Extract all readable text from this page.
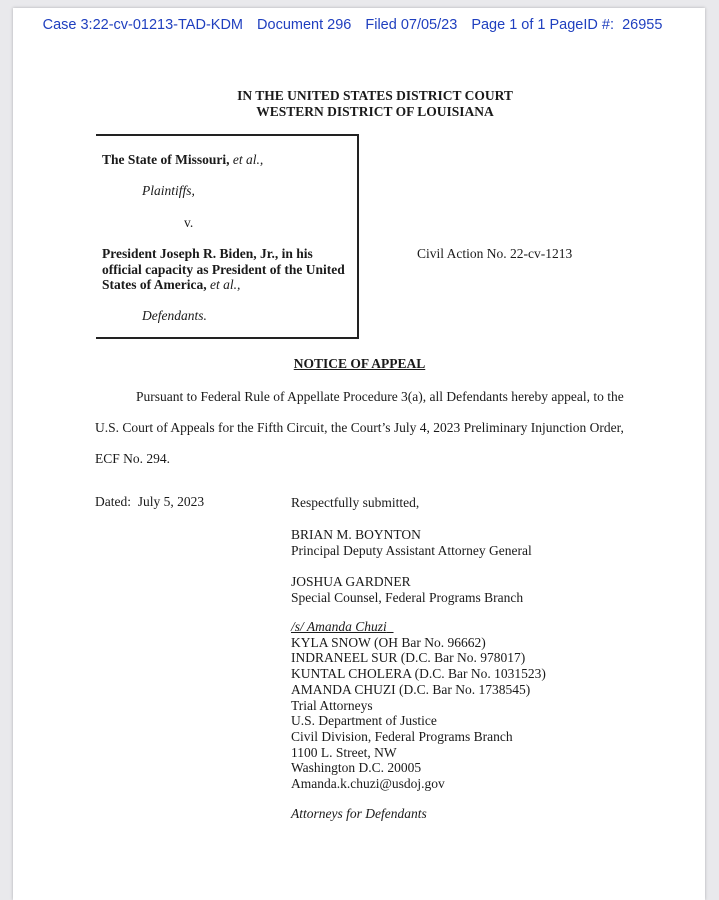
Case 3:22-cv-01213-TAD-KDM Document 296 Filed 07/05/23 Page 1 of 1 PageID #: 26955
IN THE UNITED STATES DISTRICT COURT
WESTERN DISTRICT OF LOUISIANA
The State of Missouri, et al.,
Plaintiffs,
v.
President Joseph R. Biden, Jr., in his
official capacity as President of the United
States of America, et al.,
Defendants.
Civil Action No. 22-cv-1213
NOTICE OF APPEAL
Pursuant to Federal Rule of Appellate Procedure 3(a), all Defendants hereby appeal, to the
U.S. Court of Appeals for the Fifth Circuit, the Court’s July 4, 2023 Preliminary Injunction Order,
ECF No. 294.
Dated:  July 5, 2023	Respectfully submitted,
BRIAN M. BOYNTON
Principal Deputy Assistant Attorney General
JOSHUA GARDNER
Special Counsel, Federal Programs Branch
/s/ Amanda Chuzi
KYLA SNOW (OH Bar No. 96662)
INDRANEEL SUR (D.C. Bar No. 978017)
KUNTAL CHOLERA (D.C. Bar No. 1031523)
AMANDA CHUZI (D.C. Bar No. 1738545)
Trial Attorneys
U.S. Department of Justice
Civil Division, Federal Programs Branch
1100 L. Street, NW
Washington D.C. 20005
Amanda.k.chuzi@usdoj.gov
Attorneys for Defendants
